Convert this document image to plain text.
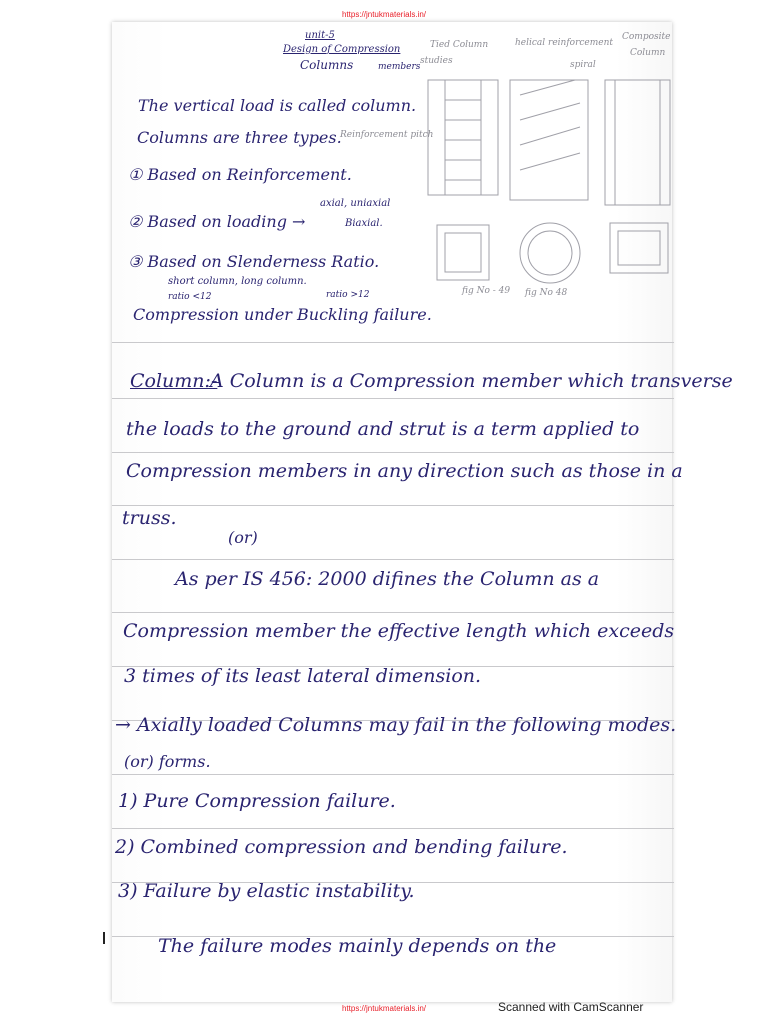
https://jntukmaterials.in/
unit-5
Design of Compression
Columns	members
Tied Column
studies
helical reinforcement
spiral
Composite
Column
fig No - 49 fig No 48
The vertical load is called column.
Columns are three types.
Reinforcement pitch
① Based on Reinforcement.
② Based on loading →
axial, uniaxial
Biaxial.
③ Based on Slenderness Ratio.
short column, long column.
ratio <12	ratio >12
Compression under Buckling failure.
Column:-
A Column is a Compression member which transverse
the loads to the ground and strut is a term applied to
Compression members in any direction such as those in a
truss.
(or)
As per IS 456: 2000 difines the Column as a
Compression member the effective length which exceeds
3 times of its least lateral dimension.
→ Axially loaded Columns may fail in the following modes.
(or) forms.
1) Pure Compression failure.
2) Combined compression and bending failure.
3) Failure by elastic instability.
The failure modes mainly depends on the
https://jntukmaterials.in/	Scanned with CamScanner
